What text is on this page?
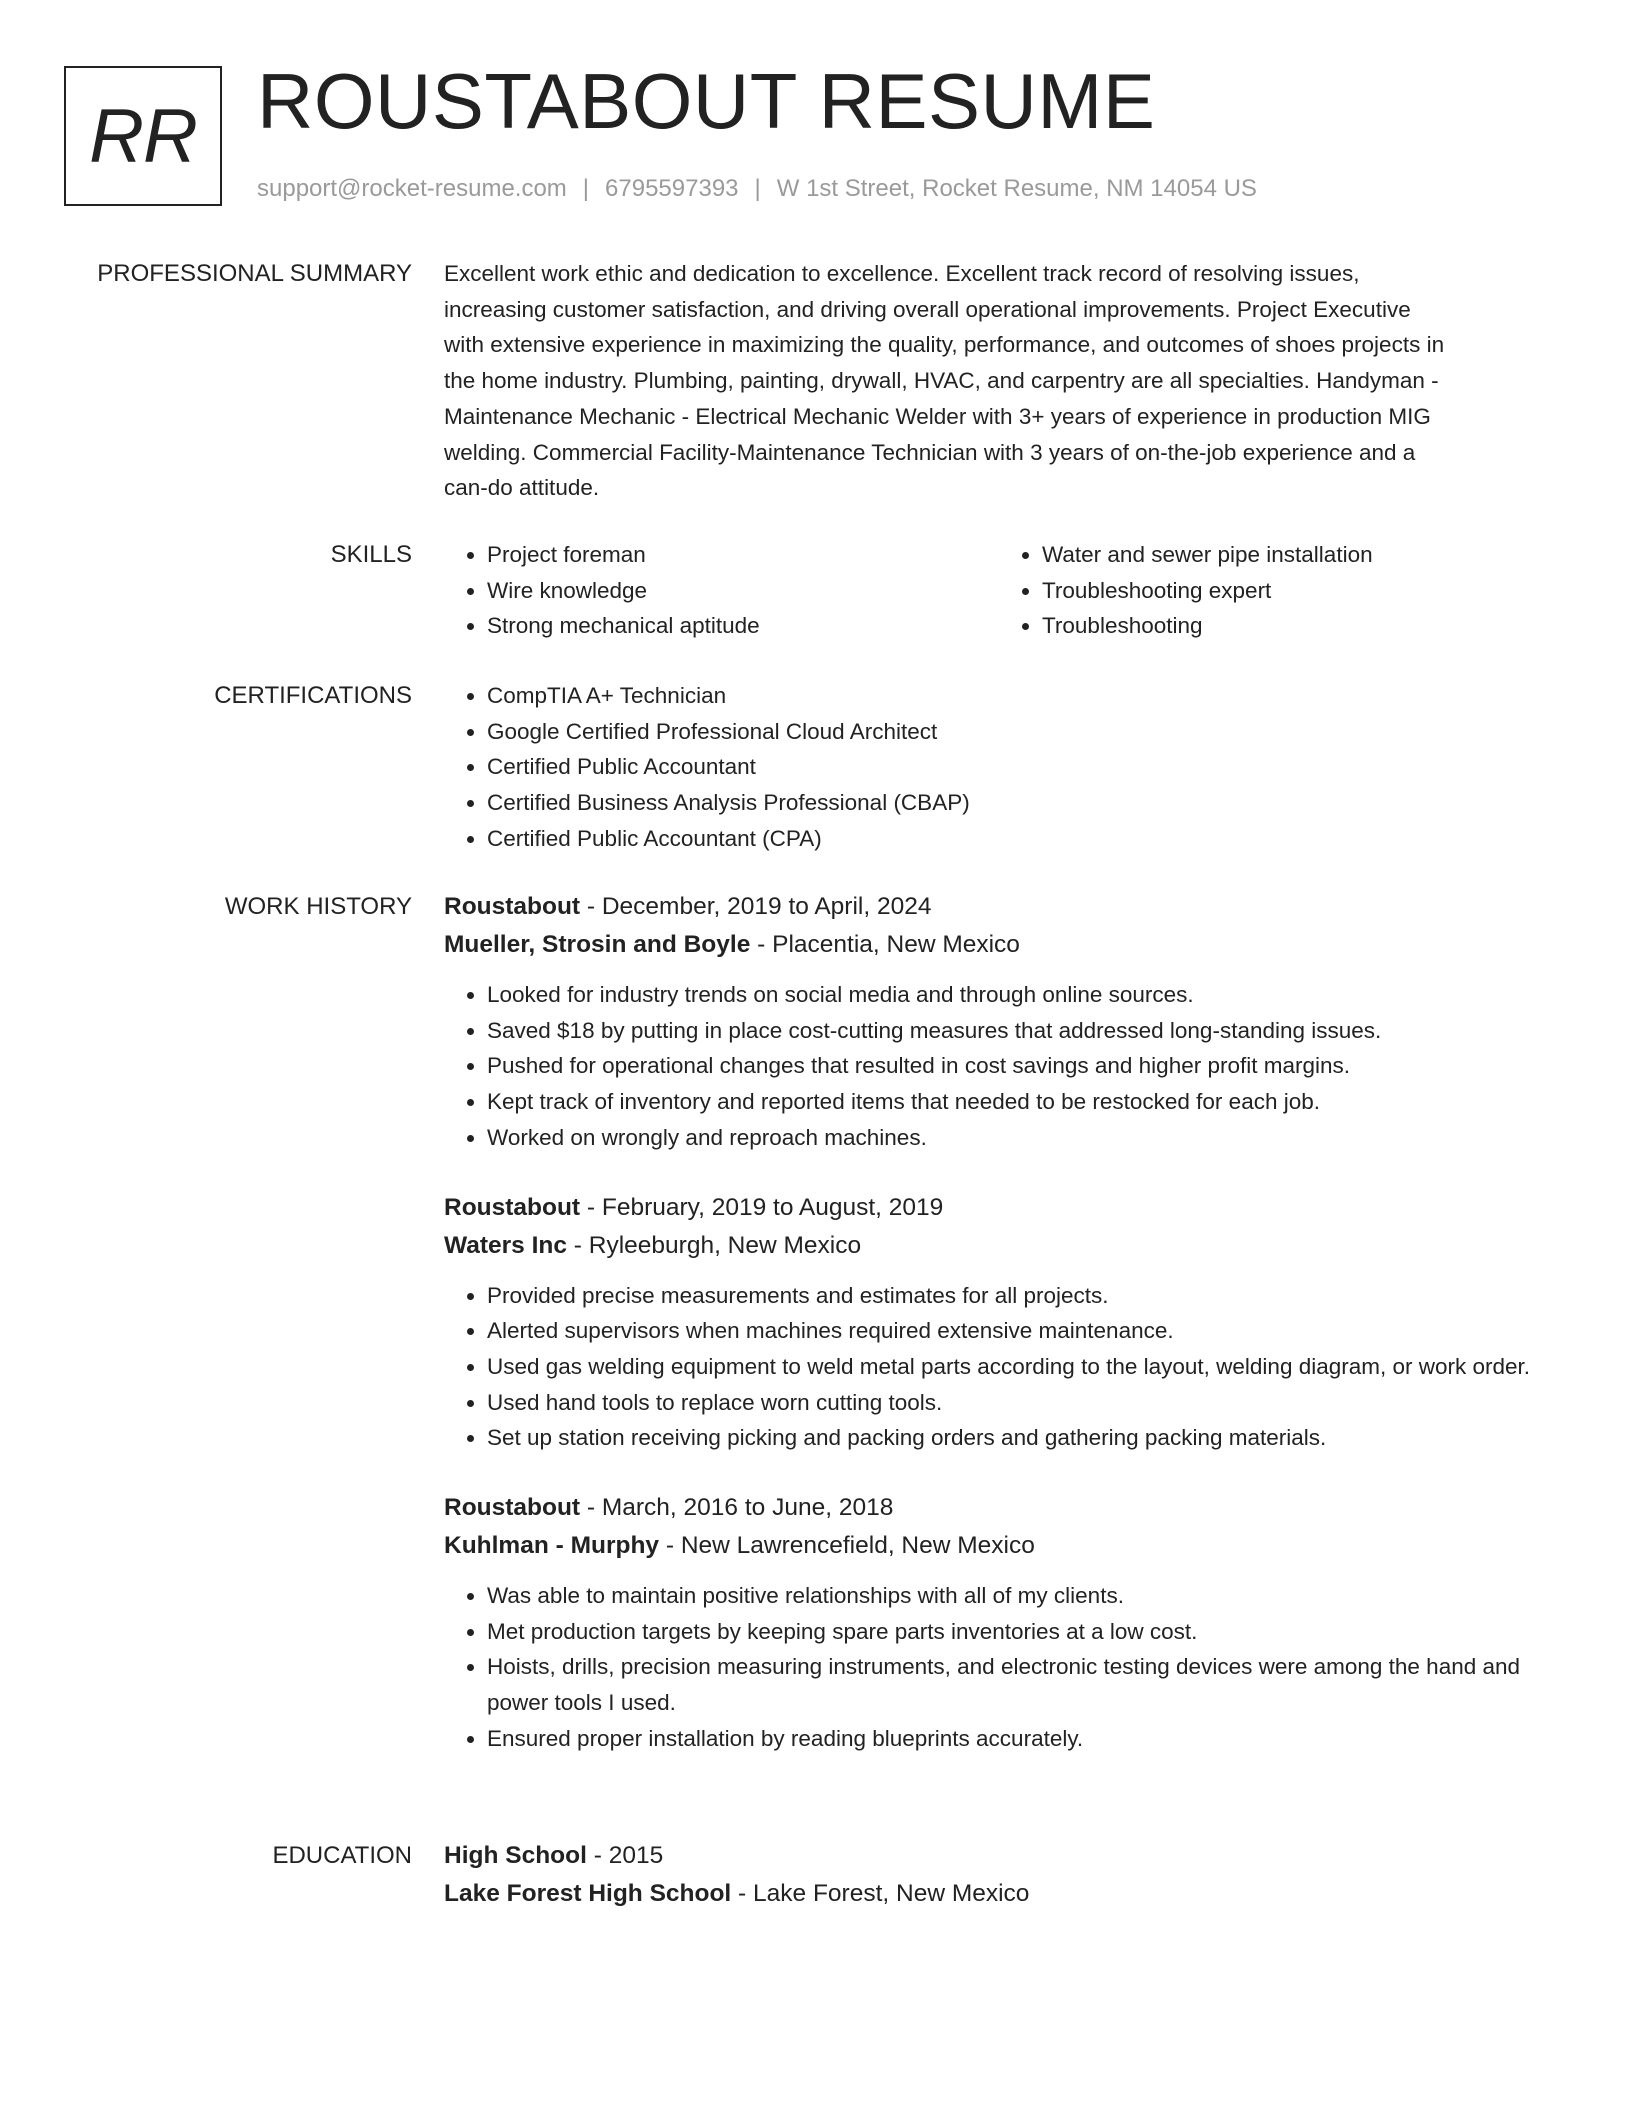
RR ROUSTABOUT RESUME
support@rocket-resume.com | 6795597393 | W 1st Street, Rocket Resume, NM 14054 US
PROFESSIONAL SUMMARY Excellent work ethic and dedication to excellence. Excellent track record of resolving issues,
increasing customer satisfaction, and driving overall operational improvements. Project Executive
with extensive experience in maximizing the quality, performance, and outcomes of shoes projects in
the home industry. Plumbing, painting, drywall, HVAC, and carpentry are all specialties. Handyman -
Maintenance Mechanic - Electrical Mechanic Welder with 3+ years of experience in production MIG
welding. Commercial Facility-Maintenance Technician with 3 years of on-the-job experience and a
can-do attitude.
SKILLS	• Project foreman
• Wire knowledge
• Strong mechanical aptitude
• Water and sewer pipe installation
• Troubleshooting expert
• Troubleshooting
CERTIFICATIONS	• CompTIA A+ Technician
• Google Certified Professional Cloud Architect
• Certified Public Accountant
• Certified Business Analysis Professional (CBAP)
• Certified Public Accountant (CPA)
WORK HISTORY Roustabout - December, 2019 to April, 2024
Mueller, Strosin and Boyle - Placentia, New Mexico
• Looked for industry trends on social media and through online sources.
• Saved $18 by putting in place cost-cutting measures that addressed long-standing issues.
• Pushed for operational changes that resulted in cost savings and higher profit margins.
• Kept track of inventory and reported items that needed to be restocked for each job.
• Worked on wrongly and reproach machines.
Roustabout - February, 2019 to August, 2019
Waters Inc - Ryleeburgh, New Mexico
• Provided precise measurements and estimates for all projects.
• Alerted supervisors when machines required extensive maintenance.
• Used gas welding equipment to weld metal parts according to the layout, welding diagram, or work order.
• Used hand tools to replace worn cutting tools.
• Set up station receiving picking and packing orders and gathering packing materials.
Roustabout - March, 2016 to June, 2018
Kuhlman - Murphy - New Lawrencefield, New Mexico
• Was able to maintain positive relationships with all of my clients.
• Met production targets by keeping spare parts inventories at a low cost.
• Hoists, drills, precision measuring instruments, and electronic testing devices were among the hand and power tools I used.
• Ensured proper installation by reading blueprints accurately.
EDUCATION High School - 2015
Lake Forest High School - Lake Forest, New Mexico
